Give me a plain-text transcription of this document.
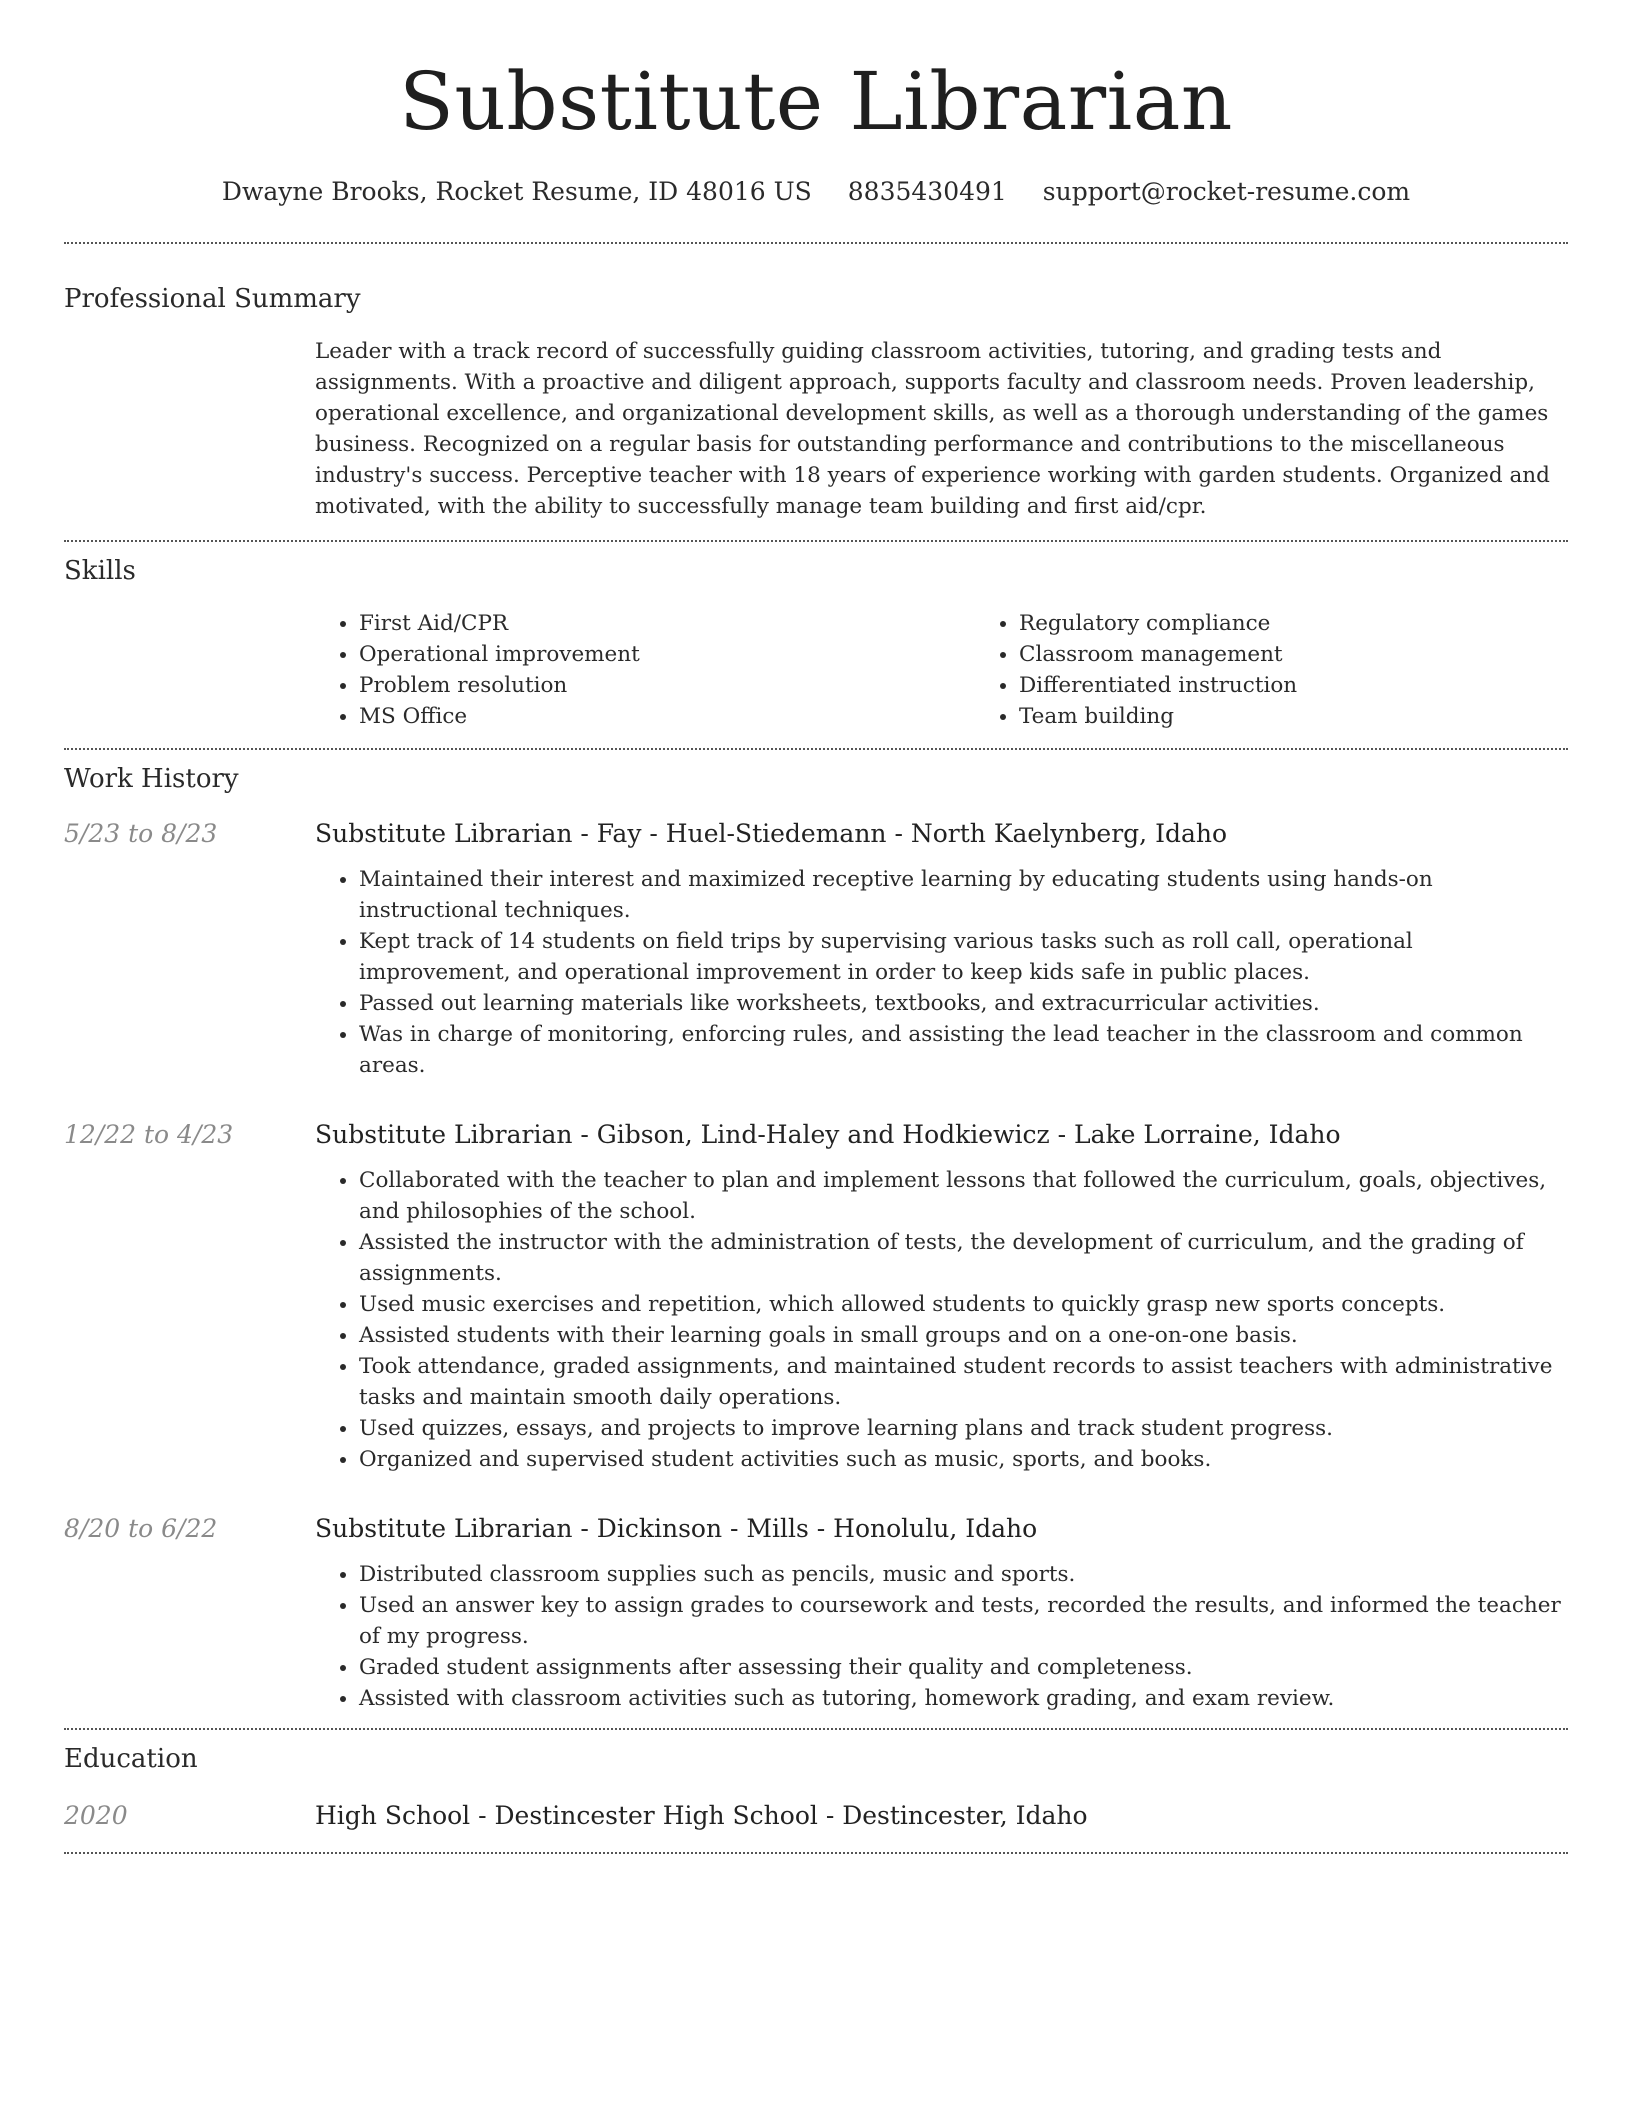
Substitute Librarian
Dwayne Brooks, Rocket Resume, ID 48016 US 8835430491 support@rocket-resume.com
Professional Summary

Leader with a track record of successfully guiding classroom activities, tutoring, and grading tests and assignments. With a proactive and diligent approach, supports faculty and classroom needs. Proven leadership, operational excellence, and organizational development skills, as well as a thorough understanding of the games business. Recognized on a regular basis for outstanding performance and contributions to the miscellaneous industry's success. Perceptive teacher with 18 years of experience working with garden students. Organized and motivated, with the ability to successfully manage team building and first aid/cpr.

Skills
• First Aid/CPR
• Operational improvement
• Problem resolution
• MS Office
• Regulatory compliance
• Classroom management
• Differentiated instruction
• Team building
Work History
5/23 to 8/23	Substitute Librarian - Fay - Huel-Stiedemann - North Kaelynberg, Idaho
• Maintained their interest and maximized receptive learning by educating students using hands-on instructional techniques.
• Kept track of 14 students on field trips by supervising various tasks such as roll call, operational improvement, and operational improvement in order to keep kids safe in public places.
• Passed out learning materials like worksheets, textbooks, and extracurricular activities.
• Was in charge of monitoring, enforcing rules, and assisting the lead teacher in the classroom and common areas.
12/22 to 4/23	Substitute Librarian - Gibson, Lind-Haley and Hodkiewicz - Lake Lorraine, Idaho
• Collaborated with the teacher to plan and implement lessons that followed the curriculum, goals, objectives, and philosophies of the school.
• Assisted the instructor with the administration of tests, the development of curriculum, and the grading of assignments.
• Used music exercises and repetition, which allowed students to quickly grasp new sports concepts.
• Assisted students with their learning goals in small groups and on a one-on-one basis.
• Took attendance, graded assignments, and maintained student records to assist teachers with administrative tasks and maintain smooth daily operations.
• Used quizzes, essays, and projects to improve learning plans and track student progress.
• Organized and supervised student activities such as music, sports, and books.
8/20 to 6/22	Substitute Librarian - Dickinson - Mills - Honolulu, Idaho
• Distributed classroom supplies such as pencils, music and sports.
• Used an answer key to assign grades to coursework and tests, recorded the results, and informed the teacher of my progress.
• Graded student assignments after assessing their quality and completeness.
• Assisted with classroom activities such as tutoring, homework grading, and exam review.
Education
2020	High School - Destincester High School - Destincester, Idaho
